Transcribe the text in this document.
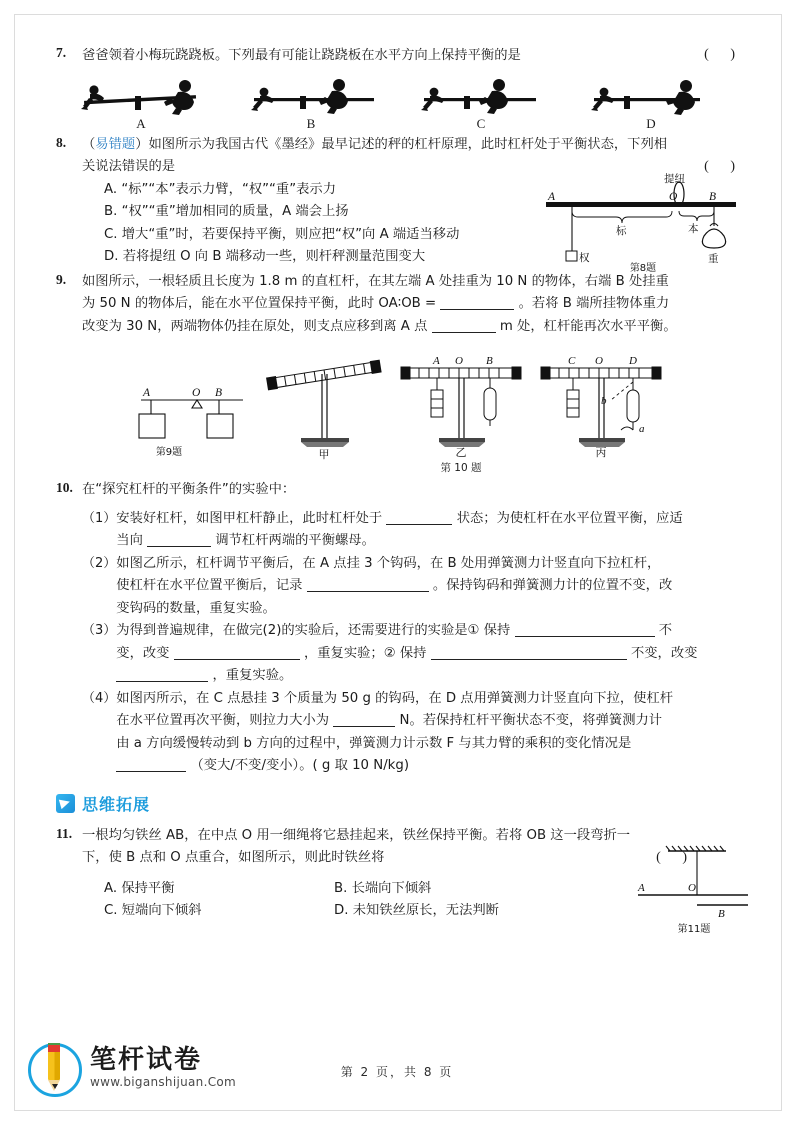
7.	( )
爸爸领着小梅玩跷跷板。下列最有可能让跷跷板在水平方向上保持平衡的是
A	B	C	D
8.	（易错题）如图所示为我国古代《墨经》最早记述的秤的杠杆原理，此时杠杆处于平衡状态，下列相
( )
关说法错误的是
A. “标”“本”表示力臂，“权”“重”表示力
B. “权”“重”增加相同的质量，A 端会上扬
C. 增大“重”时，若要保持平衡，则应把“权”向 A 端适当移动
D. 若将提纽 O 向 B 端移动一些，则杆秤测量范围变大
A	O	B
提纽
标	本
权	重
第8题
9.	如图所示，一根轻质且长度为 1.8 m 的直杠杆，在其左端 A 处挂重为 10 N 的物体，右端 B 处挂重
为 50 N 的物体后，能在水平位置保持平衡，此时 OA∶OB =	。若将 B 端所挂物体重力
改变为 30 N，两端物体仍挂在原处，则支点应移到离 A 点	m 处，杠杆能再次水平平衡。
A	O B
第9题	甲
A O B
乙
第 10 题
C O D
b
a
丙
10. 在“探究杠杆的平衡条件”的实验中：
（1） 安装好杠杆，如图甲杠杆静止，此时杠杆处于	状态；为使杠杆在水平位置平衡，应适
当向	调节杠杆两端的平衡螺母。
（2） 如图乙所示，杠杆调节平衡后，在 A 点挂 3 个钩码，在 B 处用弹簧测力计竖直向下拉杠杆，
使杠杆在水平位置平衡后，记录	。保持钩码和弹簧测力计的位置不变，改
变钩码的数量，重复实验。
（3） 为得到普遍规律，在做完(2)的实验后，还需要进行的实验是① 保持	不
变，改变	，重复实验；② 保持	不变，改变
，重复实验。
（4） 如图丙所示，在 C 点悬挂 3 个质量为 50 g 的钩码，在 D 点用弹簧测力计竖直向下拉，使杠杆
在水平位置再次平衡，则拉力大小为	N。若保持杠杆平衡状态不变，将弹簧测力计
由 a 方向缓慢转动到 b 方向的过程中，弹簧测力计示数 F 与其力臂的乘积的变化情况是
（变大/不变/变小）。( g 取 10 N/kg)
思维拓展
11. 一根均匀铁丝 AB，在中点 O 用一细绳将它悬挂起来，铁丝保持平衡。若将 OB 这一段弯折一
( )
下，使 B 点和 O 点重合，如图所示，则此时铁丝将
A. 保持平衡	B. 长端向下倾斜
C. 短端向下倾斜	D. 未知铁丝原长，无法判断
A	O
B
第11题
笔杆试卷
www.biganshijuan.Com
第 2 页，共 8 页
